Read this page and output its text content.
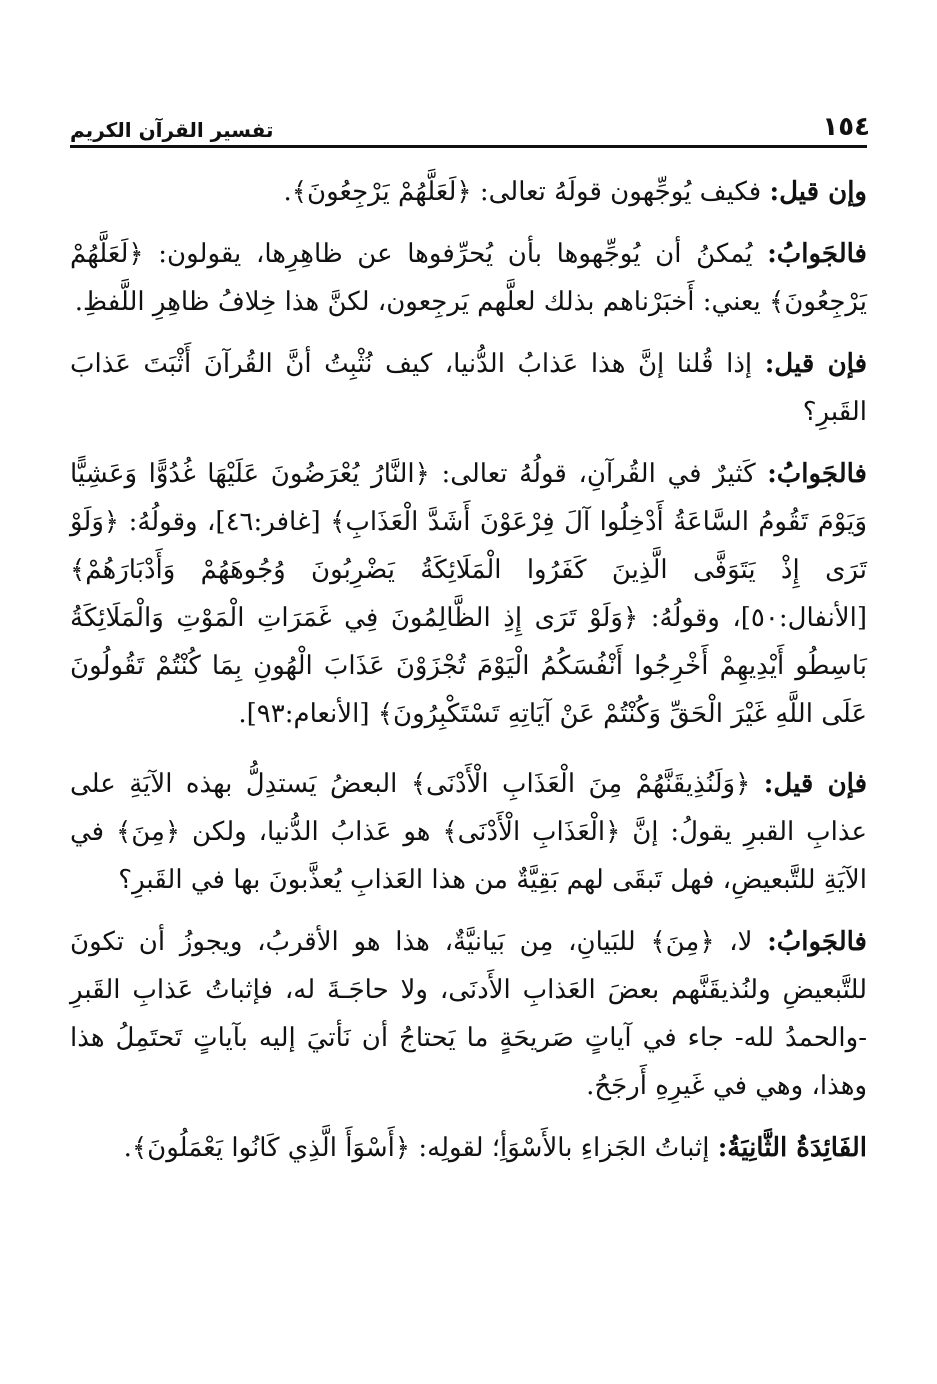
١٥٤
تفسير القرآن الكريم

وإن قيل: فكيف يُوجِّهون قولَهُ تعالى: ﴿لَعَلَّهُمْ يَرْجِعُونَ﴾.

فالجَوابُ: يُمكنُ أن يُوجِّهوها بأن يُحرِّفوها عن ظاهِرِها، يقولون: ﴿لَعَلَّهُمْ يَرْجِعُونَ﴾ يعني: أَخبَرْناهم بذلك لعلَّهم يَرجِعون، لكنَّ هذا خِلافُ ظاهِرِ اللَّفظِ.

فإن قيل: إذا قُلنا إنَّ هذا عَذابُ الدُّنيا، كيف نُثْبِتُ أنَّ القُرآنَ أَثْبَتَ عَذابَ القَبرِ؟

فالجَوابُ: كَثيرٌ في القُرآنِ، قولُهُ تعالى: ﴿النَّارُ يُعْرَضُونَ عَلَيْهَا غُدُوًّا وَعَشِيًّا وَيَوْمَ تَقُومُ السَّاعَةُ أَدْخِلُوا آلَ فِرْعَوْنَ أَشَدَّ الْعَذَابِ﴾ [غافر:٤٦]، وقولُهُ: ﴿وَلَوْ تَرَى إِذْ يَتَوَفَّى الَّذِينَ كَفَرُوا الْمَلَائِكَةُ يَضْرِبُونَ وُجُوهَهُمْ وَأَدْبَارَهُمْ﴾ [الأنفال:٥٠]، وقولُهُ: ﴿وَلَوْ تَرَى إِذِ الظَّالِمُونَ فِي غَمَرَاتِ الْمَوْتِ وَالْمَلَائِكَةُ بَاسِطُو أَيْدِيهِمْ أَخْرِجُوا أَنْفُسَكُمُ الْيَوْمَ تُجْزَوْنَ عَذَابَ الْهُونِ بِمَا كُنْتُمْ تَقُولُونَ عَلَى اللَّهِ غَيْرَ الْحَقِّ وَكُنْتُمْ عَنْ آيَاتِهِ تَسْتَكْبِرُونَ﴾ [الأنعام:٩٣].

فإن قيل: ﴿وَلَنُذِيقَنَّهُمْ مِنَ الْعَذَابِ الْأَدْنَى﴾ البعضُ يَستدِلُّ بهذه الآيَةِ على عذابِ القبرِ يقولُ: إنَّ ﴿الْعَذَابِ الْأَدْنَى﴾ هو عَذابُ الدُّنيا، ولكن ﴿مِنَ﴾ في الآيَةِ للتَّبعيضِ، فهل تَبقَى لهم بَقِيَّةٌ من هذا العَذابِ يُعذَّبونَ بها في القَبرِ؟

فالجَوابُ: لا، ﴿مِنَ﴾ للبَيانِ، مِن بَيانيَّةٌ، هذا هو الأقربُ، ويجوزُ أن تكونَ للتَّبعيضِ ولنُذيقَنَّهم بعضَ العَذابِ الأَدنَى، ولا حاجَـةَ له، فإثباتُ عَذابِ القَبرِ -والحمدُ لله- جاء في آياتٍ صَريحَةٍ ما يَحتاجُ أن نَأتيَ إليه بآياتٍ تَحتَمِلُ هذا وهذا، وهي في غَيرِهِ أَرجَحُ.

الفَائِدَةُ الثَّانِيَةُ: إثباتُ الجَزاءِ بالأَسْوَأِ؛ لقولِه: ﴿أَسْوَأَ الَّذِي كَانُوا يَعْمَلُونَ﴾.
